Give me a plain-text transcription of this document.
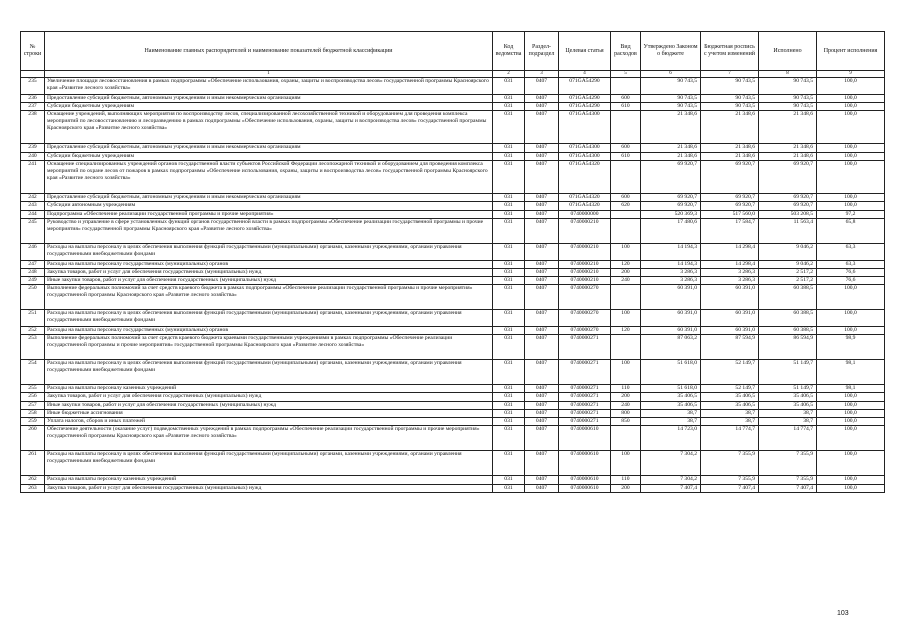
№ строки	Наименование главных распорядителей и наименование показателей бюджетной классификации	Код ведомства	Раздел-подраздел	Целевая статья	Вид расходов	Утверждено Законом о бюджете	Бюджетная роспись с учетом изменений	Исполнено	Процент исполнения
	1	2	3	4	5	6	7	8	9
235	Увеличение площади лесовосстановления в рамках подпрограммы «Обеспечение использования, охраны, защиты и воспроизводства лесов» государственной программы Красноярского края «Развитие лесного хозяйства»	031	0407	071GA54290		90 743,5	90 743,5	90 743,5	100,0
236	Предоставление субсидий бюджетным, автономным учреждениям и иным некоммерческим организациям	031	0407	071GA54290	600	90 743,5	90 743,5	90 743,5	100,0
237	Субсидии бюджетным учреждениям	031	0407	071GA54290	610	90 743,5	90 743,5	90 743,5	100,0
238	Оснащение учреждений, выполняющих мероприятия по воспроизводству лесов, специализированной лесохозяйственной техникой и оборудованием для проведения комплекса мероприятий по лесовосстановлению и лесоразведению в рамках подпрограммы «Обеспечение использования, охраны, защиты и воспроизводства лесов» государственной программы Красноярского края «Развитие лесного хозяйства»	031	0407	071GA54300		21 348,6	21 348,6	21 348,6	100,0
239	Предоставление субсидий бюджетным, автономным учреждениям и иным некоммерческим организациям	031	0407	071GA54300	600	21 348,6	21 348,6	21 348,6	100,0
240	Субсидии бюджетным учреждениям	031	0407	071GA54300	610	21 348,6	21 348,6	21 348,6	100,0
241	Оснащение специализированных учреждений органов государственной власти субъектов Российской Федерации лесопожарной техникой и оборудованием для проведения комплекса мероприятий по охране лесов от пожаров в рамках подпрограммы «Обеспечение использования, охраны, защиты и воспроизводства лесов» государственной программы Красноярского края «Развитие лесного хозяйства»	031	0407	071GA54320		69 920,7	69 920,7	69 920,7	100,0
242	Предоставление субсидий бюджетным, автономным учреждениям и иным некоммерческим организациям	031	0407	071GA54320	600	69 920,7	69 920,7	69 920,7	100,0
243	Субсидии автономным учреждениям	031	0407	071GA54320	620	69 920,7	69 920,7	69 920,7	100,0
244	Подпрограмма «Обеспечение реализации государственной программы и прочие мероприятия»	031	0407	0740000000		520 369,3	517 560,0	503 208,5	97,2
245	Руководство и управление в сфере установленных функций органов государственной власти в рамках подпрограммы «Обеспечение реализации государственной программы и прочие мероприятия» государственной программы Красноярского края «Развитие лесного хозяйства»	031	0407	0740000210		17 480,6	17 584,7	11 563,4	65,8
246	Расходы на выплаты персоналу в целях обеспечения выполнения функций государственными (муниципальными) органами, казенными учреждениями, органами управления государственными внебюджетными фондами	031	0407	0740000210	100	14 194,3	14 298,4	9 046,2	63,3
247	Расходы на выплаты персоналу государственных (муниципальных) органов	031	0407	0740000210	120	14 194,3	14 298,4	9 046,2	63,3
248	Закупка товаров, работ и услуг для обеспечения государственных (муниципальных) нужд	031	0407	0740000210	200	3 286,3	3 286,3	2 517,2	76,6
249	Иные закупки товаров, работ и услуг для обеспечения государственных (муниципальных) нужд	031	0407	0740000210	240	3 286,3	3 286,3	2 517,2	76,6
250	Выполнение федеральных полномочий за счет средств краевого бюджета в рамках подпрограммы «Обеспечение реализации государственной программы и прочие мероприятия» государственной программы Красноярского края «Развитие лесного хозяйства»	031	0407	0740000270		60 391,0	60 391,0	60 388,5	100,0
251	Расходы на выплаты персоналу в целях обеспечения выполнения функций государственными (муниципальными) органами, казенными учреждениями, органами управления государственными внебюджетными фондами	031	0407	0740000270	100	60 391,0	60 391,0	60 388,5	100,0
252	Расходы на выплаты персоналу государственных (муниципальных) органов	031	0407	0740000270	120	60 391,0	60 391,0	60 388,5	100,0
253	Выполнение федеральных полномочий за счет средств краевого бюджета краевыми государственными учреждениями в рамках подпрограммы «Обеспечение реализации государственной программы и прочие мероприятия» государственной программы Красноярского края «Развитие лесного хозяйства»	031	0407	0740000271		87 063,2	87 594,9	86 594,9	98,9
254	Расходы на выплаты персоналу в целях обеспечения выполнения функций государственными (муниципальными) органами, казенными учреждениями, органами управления государственными внебюджетными фондами	031	0407	0740000271	100	51 618,0	52 149,7	51 149,7	98,1
255	Расходы на выплаты персоналу казенных учреждений	031	0407	0740000271	110	51 618,0	52 149,7	51 149,7	98,1
256	Закупка товаров, работ и услуг для обеспечения государственных (муниципальных) нужд	031	0407	0740000271	200	35 406,5	35 406,5	35 406,5	100,0
257	Иные закупки товаров, работ и услуг для обеспечения государственных (муниципальных) нужд	031	0407	0740000271	240	35 406,5	35 406,5	35 406,5	100,0
258	Иные бюджетные ассигнования	031	0407	0740000271	800	38,7	38,7	38,7	100,0
259	Уплата налогов, сборов и иных платежей	031	0407	0740000271	850	38,7	38,7	38,7	100,0
260	Обеспечение деятельности (оказание услуг) подведомственных учреждений в рамках подпрограммы «Обеспечение реализации государственной программы и прочие мероприятия» государственной программы Красноярского края «Развитие лесного хозяйства»	031	0407	0740000610		14 723,0	14 774,7	14 774,7	100,0
261	Расходы на выплаты персоналу в целях обеспечения выполнения функций государственными (муниципальными) органами, казенными учреждениями, органами управления государственными внебюджетными фондами	031	0407	0740000610	100	7 304,2	7 355,9	7 355,9	100,0
262	Расходы на выплаты персоналу казенных учреждений	031	0407	0740000610	110	7 304,2	7 355,9	7 355,9	100,0
263	Закупка товаров, работ и услуг для обеспечения государственных (муниципальных) нужд	031	0407	0740000610	200	7 407,4	7 407,4	7 407,4	100,0
103
